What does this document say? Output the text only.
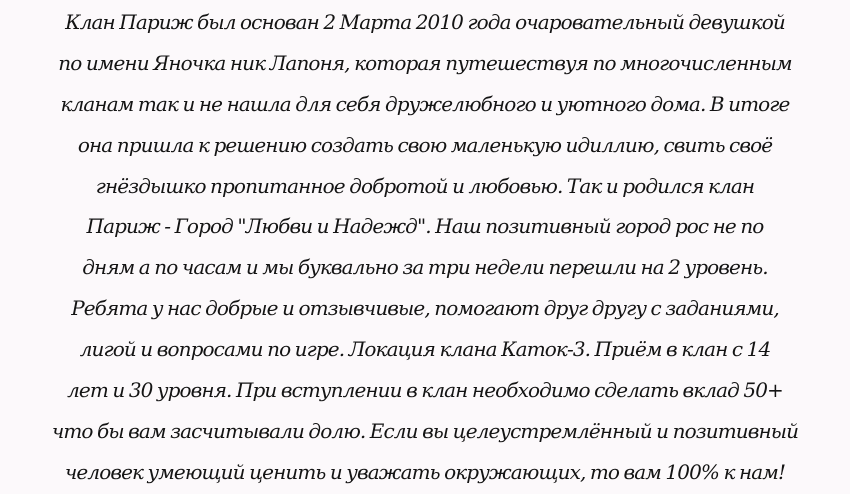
Клан Париж был основан 2 Марта 2010 года очаровательный девушкой
по имени Яночка ник Лапоня, которая путешествуя по многочисленным
кланам так и не нашла для себя дружелюбного и уютного дома. В итоге
она пришла к решению создать свою маленькую идиллию, свить своё
гнёздышко пропитанное добротой и любовью. Так и родился клан
Париж - Город "Любви и Надежд". Наш позитивный город рос не по
дням а по часам и мы буквально за три недели перешли на 2 уровень.
Ребята у нас добрые и отзывчивые, помогают друг другу с заданиями,
лигой и вопросами по игре. Локация клана Каток-3. Приём в клан с 14
лет и 30 уровня. При вступлении в клан необходимо сделать вклад 50+
что бы вам засчитывали долю. Если вы целеустремлённый и позитивный
человек умеющий ценить и уважать окружающих, то вам 100% к нам!
